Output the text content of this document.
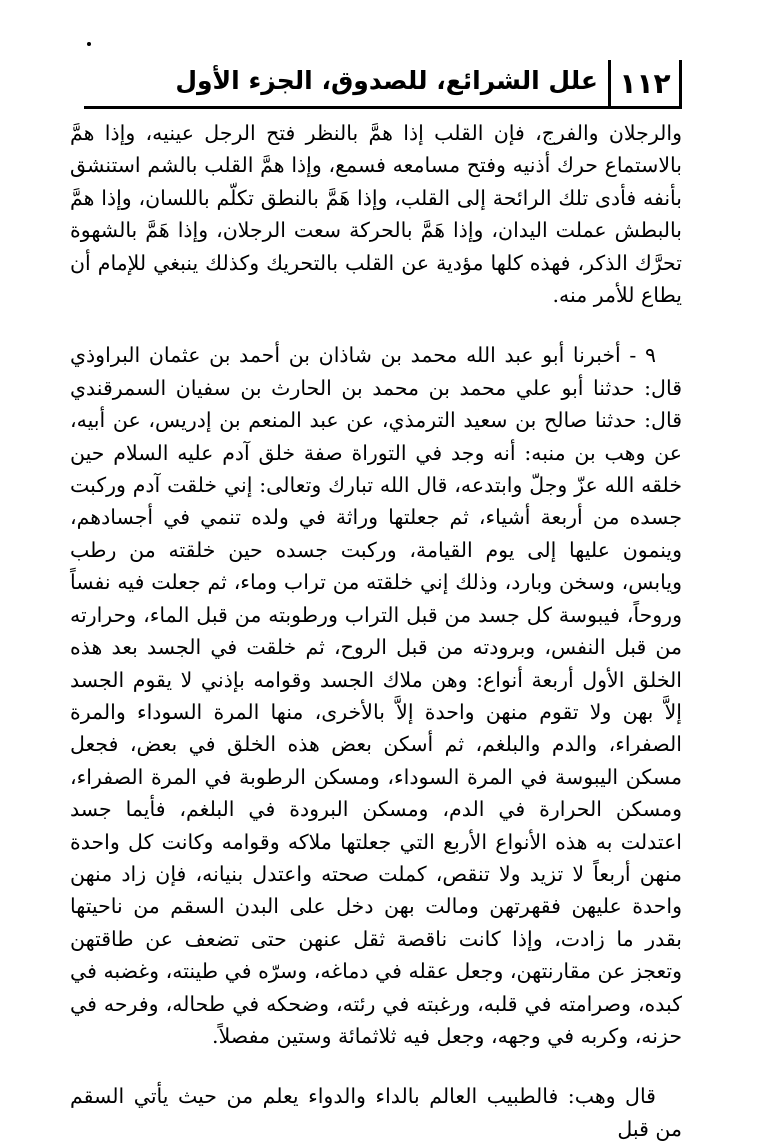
١١٢
علل الشرائع، للصدوق، الجزء الأول

والرجلان والفرج، فإن القلب إذا همَّ بالنظر فتح الرجل عينيه، وإذا همَّ بالاستماع حرك أذنيه وفتح مسامعه فسمع، وإذا همَّ القلب بالشم استنشق بأنفه فأدى تلك الرائحة إلى القلب، وإذا هَمَّ بالنطق تكلّم باللسان، وإذا همَّ بالبطش عملت اليدان، وإذا هَمَّ بالحركة سعت الرجلان، وإذا هَمَّ بالشهوة تحرَّك الذكر، فهذه كلها مؤدية عن القلب بالتحريك وكذلك ينبغي للإمام أن يطاع للأمر منه.

٩ - أخبرنا أبو عبد الله محمد بن شاذان بن أحمد بن عثمان البراوذي قال: حدثنا أبو علي محمد بن محمد بن الحارث بن سفيان السمرقندي قال: حدثنا صالح بن سعيد الترمذي، عن عبد المنعم بن إدريس، عن أبيه، عن وهب بن منبه: أنه وجد في التوراة صفة خلق آدم عليه السلام حين خلقه الله عزّ وجلّ وابتدعه، قال الله تبارك وتعالى: إني خلقت آدم وركبت جسده من أربعة أشياء، ثم جعلتها وراثة في ولده تنمي في أجسادهم، وينمون عليها إلى يوم القيامة، وركبت جسده حين خلقته من رطب ويابس، وسخن وبارد، وذلك إني خلقته من تراب وماء، ثم جعلت فيه نفساً وروحاً، فيبوسة كل جسد من قبل التراب ورطوبته من قبل الماء، وحرارته من قبل النفس، وبرودته من قبل الروح، ثم خلقت في الجسد بعد هذه الخلق الأول أربعة أنواع: وهن ملاك الجسد وقوامه بإذني لا يقوم الجسد إلاَّ بهن ولا تقوم منهن واحدة إلاَّ بالأخرى، منها المرة السوداء والمرة الصفراء، والدم والبلغم، ثم أسكن بعض هذه الخلق في بعض، فجعل مسكن اليبوسة في المرة السوداء، ومسكن الرطوبة في المرة الصفراء، ومسكن الحرارة في الدم، ومسكن البرودة في البلغم، فأيما جسد اعتدلت به هذه الأنواع الأربع التي جعلتها ملاكه وقوامه وكانت كل واحدة منهن أربعاً لا تزيد ولا تنقص، كملت صحته واعتدل بنيانه، فإن زاد منهن واحدة عليهن فقهرتهن ومالت بهن دخل على البدن السقم من ناحيتها بقدر ما زادت، وإذا كانت ناقصة ثقل عنهن حتى تضعف عن طاقتهن وتعجز عن مقارنتهن، وجعل عقله في دماغه، وسرّه في طينته، وغضبه في كبده، وصرامته في قلبه، ورغبته في رئته، وضحكه في طحاله، وفرحه في حزنه، وكربه في وجهه، وجعل فيه ثلاثمائة وستين مفصلاً.

قال وهب: فالطبيب العالم بالداء والدواء يعلم من حيث يأتي السقم من قبل
